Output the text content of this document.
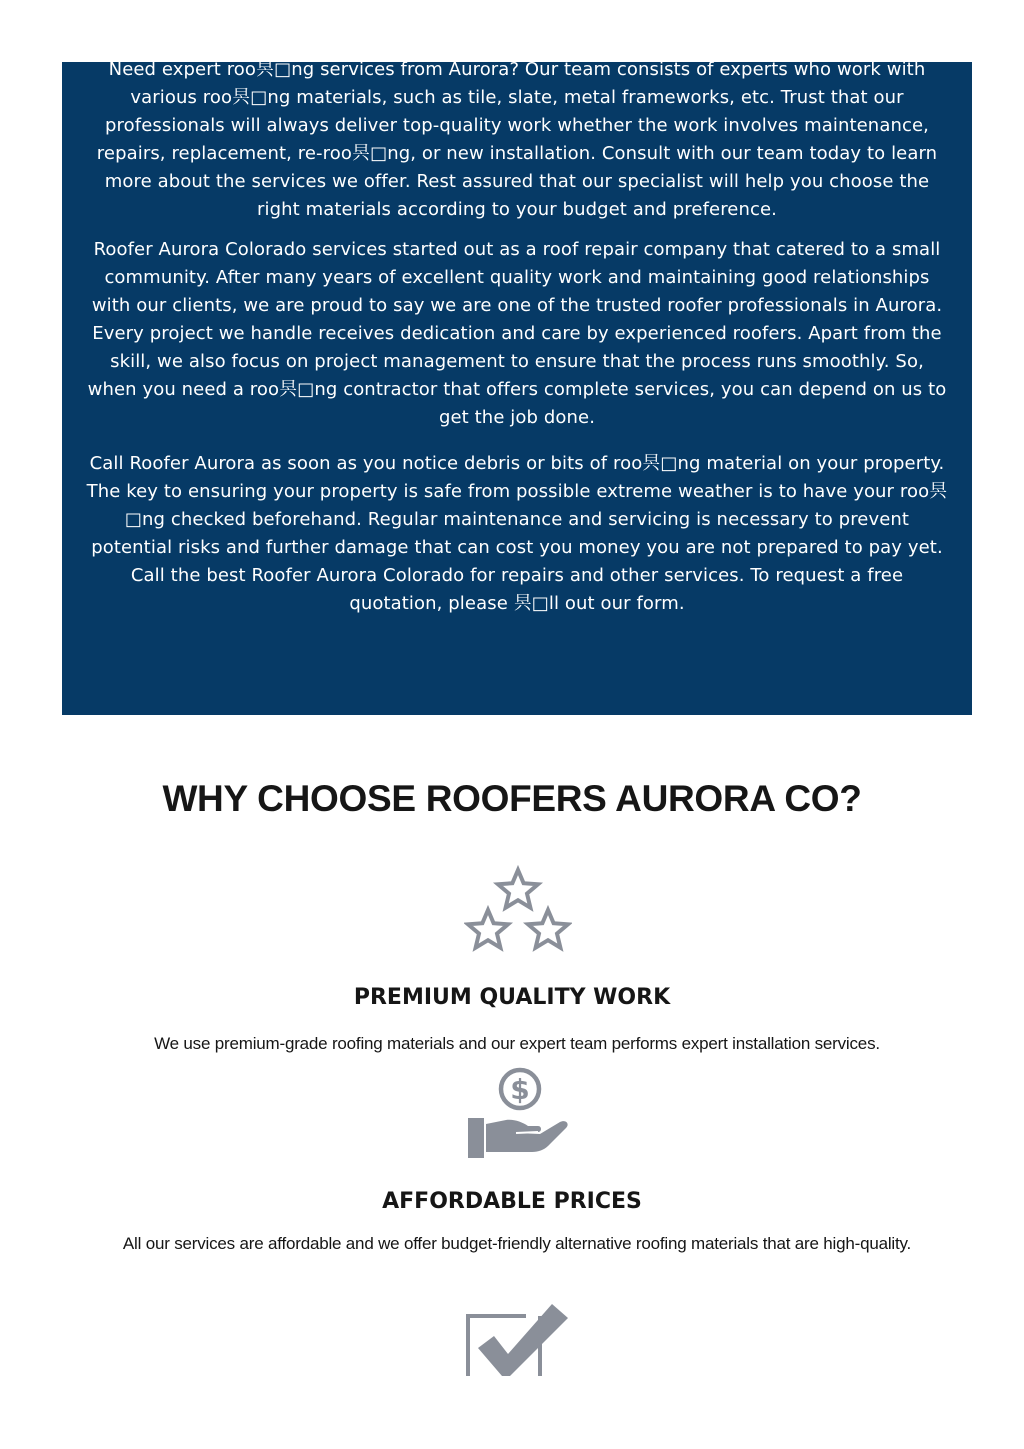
Need expert roo昗□ng services from Aurora? Our team consists of experts who work with various roo昗□ng materials, such as tile, slate, metal frameworks, etc. Trust that our professionals will always deliver top-quality work whether the work involves maintenance, repairs, replacement, re-roo昗□ng, or new installation. Consult with our team today to learn more about the services we offer. Rest assured that our specialist will help you choose the right materials according to your budget and preference.

Roofer Aurora Colorado services started out as a roof repair company that catered to a small community. After many years of excellent quality work and maintaining good relationships with our clients, we are proud to say we are one of the trusted roofer professionals in Aurora. Every project we handle receives dedication and care by experienced roofers. Apart from the skill, we also focus on project management to ensure that the process runs smoothly. So, when you need a roo昗□ng contractor that offers complete services, you can depend on us to get the job done.

Call Roofer Aurora as soon as you notice debris or bits of roo昗□ng material on your property. The key to ensuring your property is safe from possible extreme weather is to have your roo昗□ng checked beforehand. Regular maintenance and servicing is necessary to prevent potential risks and further damage that can cost you money you are not prepared to pay yet. Call the best Roofer Aurora Colorado for repairs and other services. To request a free quotation, please 昗□ll out our form.

WHY CHOOSE ROOFERS AURORA CO?
PREMIUM QUALITY WORK

We use premium-grade roofing materials and our expert team performs expert installation services.

$
AFFORDABLE PRICES

All our services are affordable and we offer budget-friendly alternative roofing materials that are high-quality.
